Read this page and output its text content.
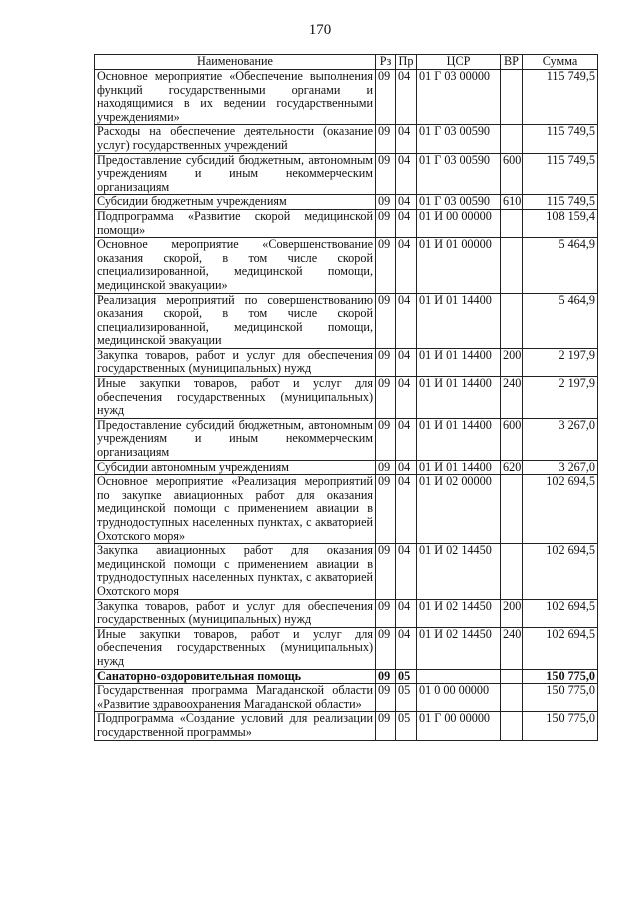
170
Наименование	Рз	Пр	ЦСР	ВР	Сумма
Основное мероприятие «Обеспечение выполнения функций государственными органами и находящимися в их ведении государственными учреждениями»	09	04	01 Г 03 00000		115 749,5
Расходы на обеспечение деятельности (оказание услуг) государственных учреждений	09	04	01 Г 03 00590		115 749,5
Предоставление субсидий бюджетным, автономным учреждениям и иным некоммерческим организациям	09	04	01 Г 03 00590	600	115 749,5
Субсидии бюджетным учреждениям	09	04	01 Г 03 00590	610	115 749,5
Подпрограмма «Развитие скорой медицинской помощи»	09	04	01 И 00 00000		108 159,4
Основное мероприятие «Совершенствование оказания скорой, в том числе скорой специализированной, медицинской помощи, медицинской эвакуации»	09	04	01 И 01 00000		5 464,9
Реализация мероприятий по совершенствованию оказания скорой, в том числе скорой специализированной, медицинской помощи, медицинской эвакуации	09	04	01 И 01 14400		5 464,9
Закупка товаров, работ и услуг для обеспечения государственных (муниципальных) нужд	09	04	01 И 01 14400	200	2 197,9
Иные закупки товаров, работ и услуг для обеспечения государственных (муниципальных) нужд	09	04	01 И 01 14400	240	2 197,9
Предоставление субсидий бюджетным, автономным учреждениям и иным некоммерческим организациям	09	04	01 И 01 14400	600	3 267,0
Субсидии автономным учреждениям	09	04	01 И 01 14400	620	3 267,0
Основное мероприятие «Реализация мероприятий по закупке авиационных работ для оказания медицинской помощи с применением авиации в труднодоступных населенных пунктах, с акваторией Охотского моря»	09	04	01 И 02 00000		102 694,5
Закупка авиационных работ для оказания медицинской помощи с применением авиации в труднодоступных населенных пунктах, с акваторией Охотского моря	09	04	01 И 02 14450		102 694,5
Закупка товаров, работ и услуг для обеспечения государственных (муниципальных) нужд	09	04	01 И 02 14450	200	102 694,5
Иные закупки товаров, работ и услуг для обеспечения государственных (муниципальных) нужд	09	04	01 И 02 14450	240	102 694,5
Санаторно-оздоровительная помощь	09	05			150 775,0
Государственная программа Магаданской области «Развитие здравоохранения Магаданской области»	09	05	01 0 00 00000		150 775,0
Подпрограмма «Создание условий для реализации государственной программы»	09	05	01 Г 00 00000		150 775,0
